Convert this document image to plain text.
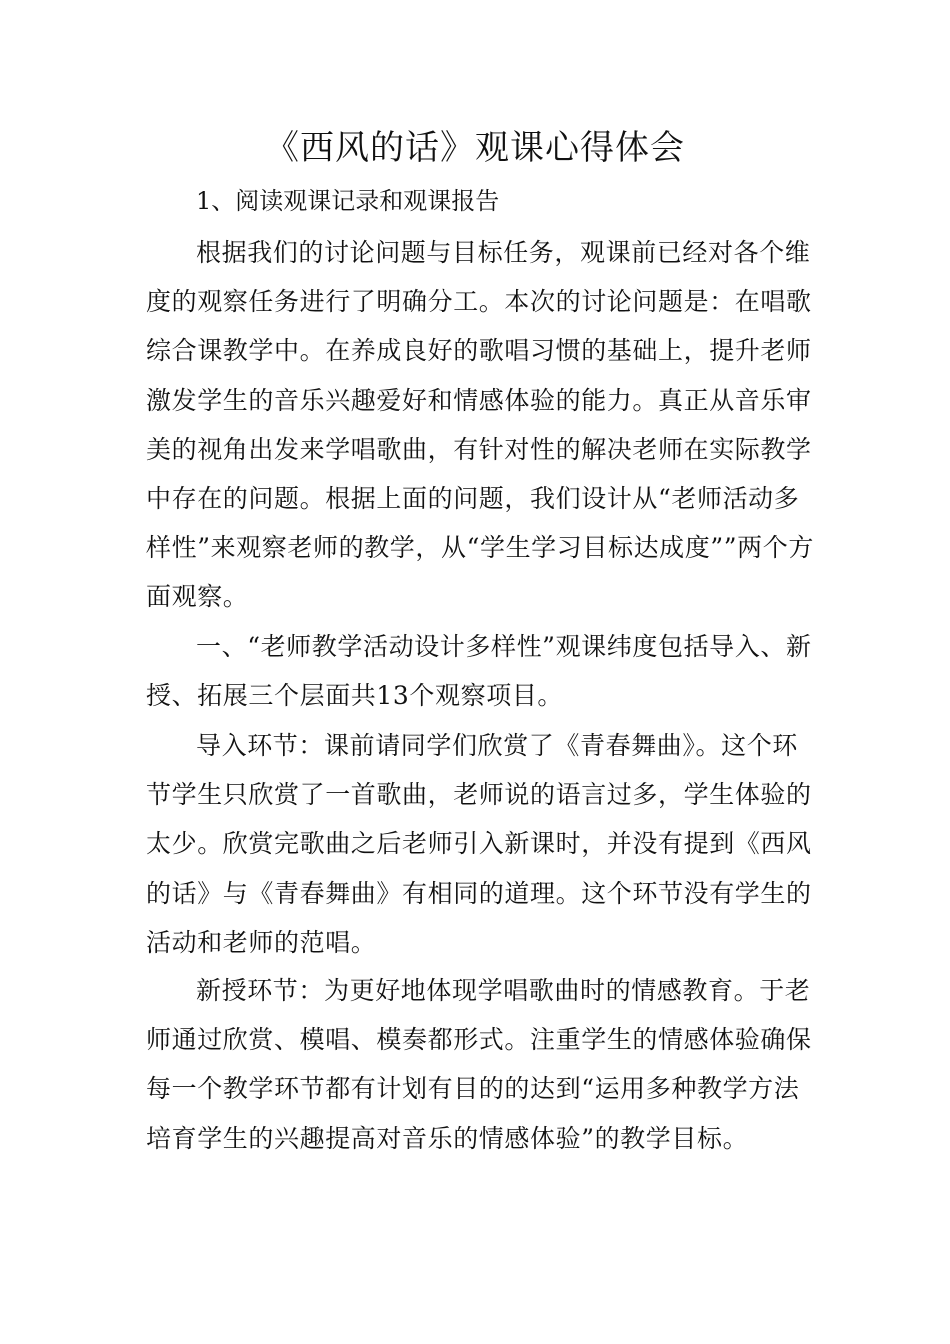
《西风的话》观课心得体会
1、阅读观课记录和观课报告

根据我们的讨论问题与目标任务，观课前已经对各个维度的观察任务进行了明确分工。本次的讨论问题是：在唱歌综合课教学中。在养成良好的歌唱习惯的基础上，提升老师激发学生的音乐兴趣爱好和情感体验的能力。真正从音乐审美的视角出发来学唱歌曲，有针对性的解决老师在实际教学中存在的问题。根据上面的问题，我们设计从“老师活动多样性”来观察老师的教学，从“学生学习目标达成度””两个方面观察。

一、“老师教学活动设计多样性”观课纬度包括导入、新授、拓展三个层面共13个观察项目。

导入环节：课前请同学们欣赏了《青春舞曲》。这个环节学生只欣赏了一首歌曲，老师说的语言过多，学生体验的太少。欣赏完歌曲之后老师引入新课时，并没有提到《西风的话》与《青春舞曲》有相同的道理。这个环节没有学生的活动和老师的范唱。

新授环节：为更好地体现学唱歌曲时的情感教育。于老师通过欣赏、模唱、模奏都形式。注重学生的情感体验确保每一个教学环节都有计划有目的的达到“运用多种教学方法培育学生的兴趣提高对音乐的情感体验”的教学目标。
